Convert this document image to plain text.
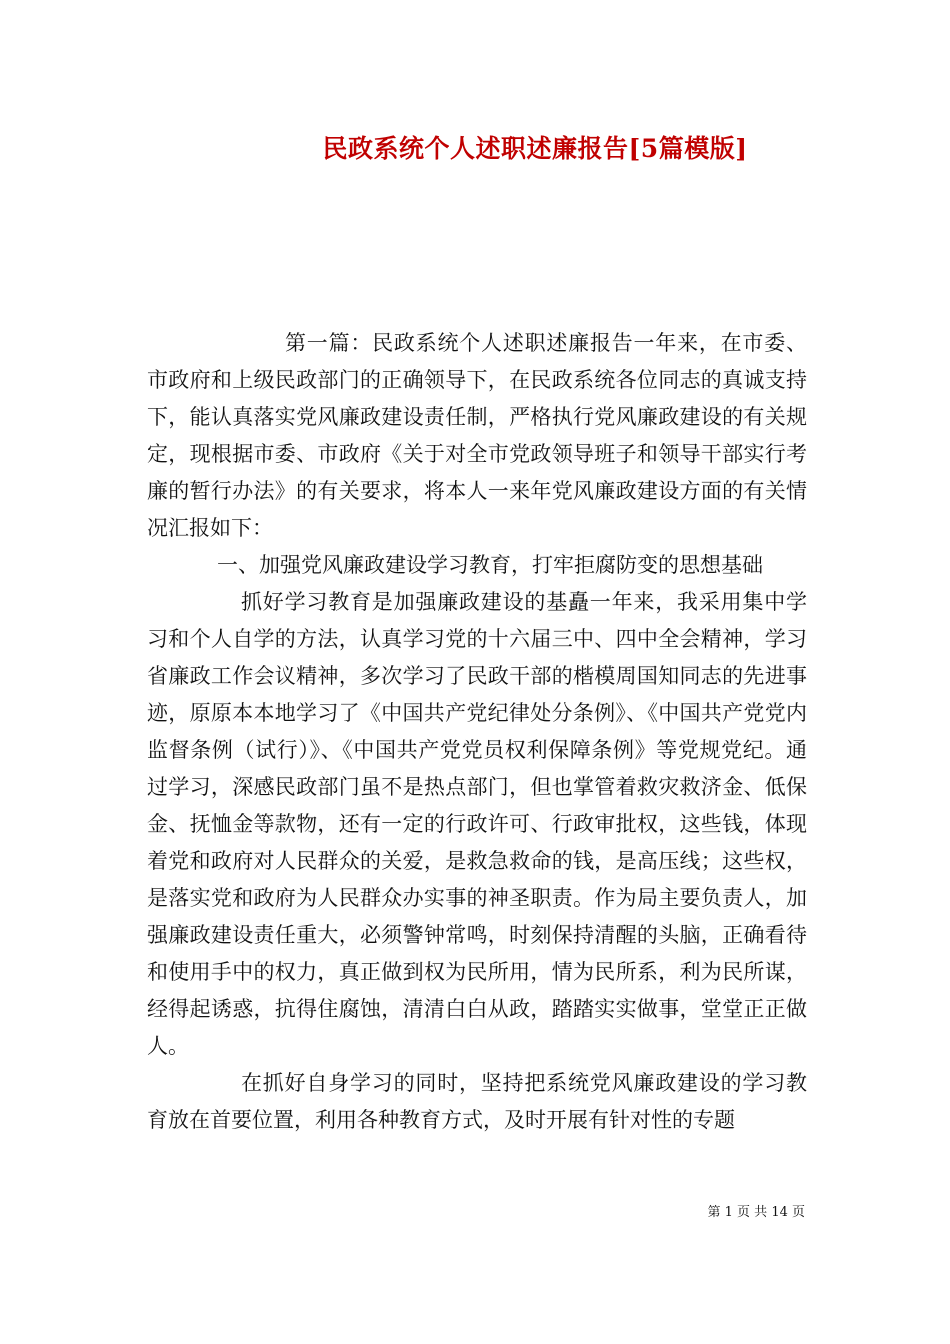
民政系统个人述职述廉报告[5篇模版]

第一篇：民政系统个人述职述廉报告一年来，在市委、市政府和上级民政部门的正确领导下，在民政系统各位同志的真诚支持下，能认真落实党风廉政建设责任制，严格执行党风廉政建设的有关规定，现根据市委、市政府《关于对全市党政领导班子和领导干部实行考廉的暂行办法》的有关要求，将本人一来年党风廉政建设方面的有关情况汇报如下：

一、加强党风廉政建设学习教育，打牢拒腐防变的思想基础

抓好学习教育是加强廉政建设的基矗一年来，我采用集中学习和个人自学的方法，认真学习党的十六届三中、四中全会精神，学习省廉政工作会议精神，多次学习了民政干部的楷模周国知同志的先进事迹，原原本本地学习了《中国共产党纪律处分条例》、《中国共产党党内监督条例（试行）》、《中国共产党党员权利保障条例》等党规党纪。通过学习，深感民政部门虽不是热点部门，但也掌管着救灾救济金、低保金、抚恤金等款物，还有一定的行政许可、行政审批权，这些钱，体现着党和政府对人民群众的关爱，是救急救命的钱，是高压线；这些权，是落实党和政府为人民群众办实事的神圣职责。作为局主要负责人，加强廉政建设责任重大，必须警钟常鸣，时刻保持清醒的头脑，正确看待和使用手中的权力，真正做到权为民所用，情为民所系，利为民所谋，经得起诱惑，抗得住腐蚀，清清白白从政，踏踏实实做事，堂堂正正做人。

在抓好自身学习的同时，坚持把系统党风廉政建设的学习教育放在首要位置，利用各种教育方式，及时开展有针对性的专题

第 1 页 共 14 页
